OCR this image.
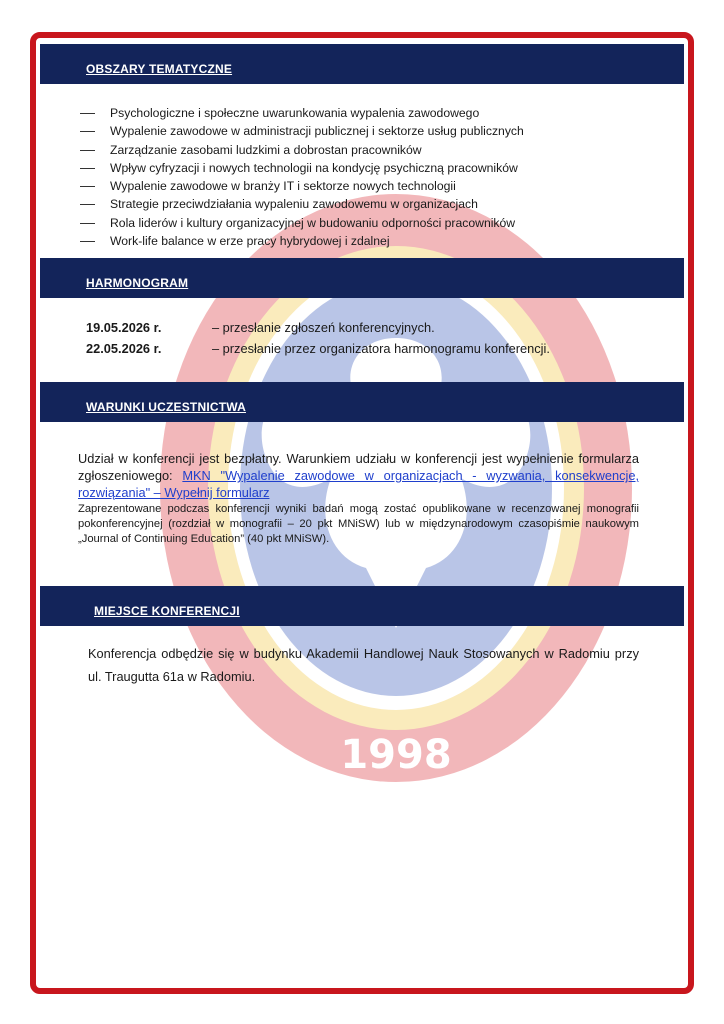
1998
OBSZARY TEMATYCZNE
Psychologiczne i społeczne uwarunkowania wypalenia zawodowego
Wypalenie zawodowe w administracji publicznej i sektorze usług publicznych
Zarządzanie zasobami ludzkimi a dobrostan pracowników
Wpływ cyfryzacji i nowych technologii na kondycję psychiczną pracowników
Wypalenie zawodowe w branży IT i sektorze nowych technologii
Strategie przeciwdziałania wypaleniu zawodowemu w organizacjach
Rola liderów i kultury organizacyjnej w budowaniu odporności pracowników
Work-life balance w erze pracy hybrydowej i zdalnej
HARMONOGRAM
19.05.2026 r.	– przesłanie zgłoszeń konferencyjnych.
22.05.2026 r.	– przesłanie przez organizatora harmonogramu konferencji.
WARUNKI UCZESTNICTWA

Udział w konferencji jest bezpłatny. Warunkiem udziału w konferencji jest wypełnienie formularza zgłoszeniowego: MKN "Wypalenie zawodowe w organizacjach - wyzwania, konsekwencje, rozwiązania" – Wypełnij formularz

Zaprezentowane podczas konferencji wyniki badań mogą zostać opublikowane w recenzowanej monografii pokonferencyjnej (rozdział w monografii – 20 pkt MNiSW) lub w międzynarodowym czasopiśmie naukowym „Journal of Continuing Education” (40 pkt MNiSW).

MIEJSCE KONFERENCJI

Konferencja odbędzie się w budynku Akademii Handlowej Nauk Stosowanych w Radomiu przy ul. Traugutta 61a w Radomiu.
